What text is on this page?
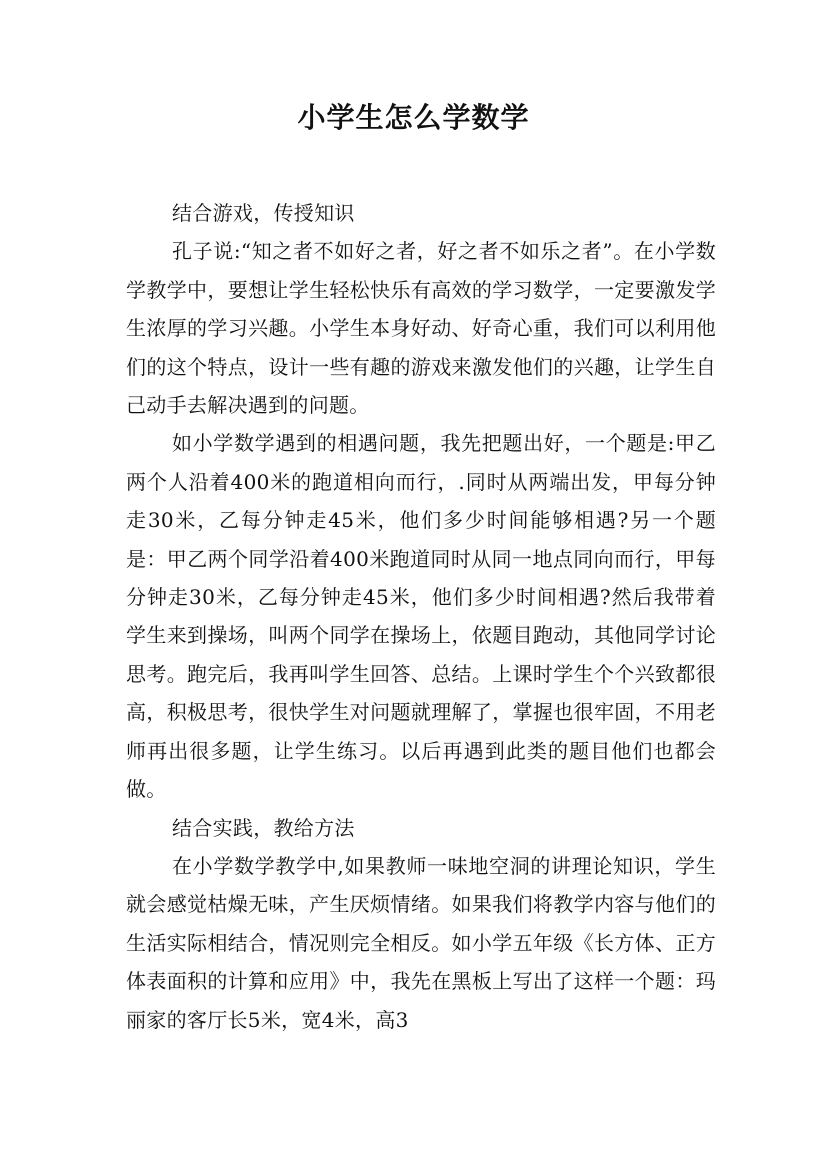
小学生怎么学数学

结合游戏，传授知识

孔子说:“知之者不如好之者，好之者不如乐之者”。在小学数学教学中，要想让学生轻松快乐有高效的学习数学，一定要激发学生浓厚的学习兴趣。小学生本身好动、好奇心重，我们可以利用他们的这个特点，设计一些有趣的游戏来激发他们的兴趣，让学生自己动手去解决遇到的问题。

如小学数学遇到的相遇问题，我先把题出好，一个题是:甲乙两个人沿着400米的跑道相向而行，.同时从两端出发，甲每分钟走30米，乙每分钟走45米，他们多少时间能够相遇?另一个题是：甲乙两个同学沿着400米跑道同时从同一地点同向而行，甲每分钟走30米，乙每分钟走45米，他们多少时间相遇?然后我带着学生来到操场，叫两个同学在操场上，依题目跑动，其他同学讨论思考。跑完后，我再叫学生回答、总结。上课时学生个个兴致都很高，积极思考，很快学生对问题就理解了，掌握也很牢固，不用老师再出很多题，让学生练习。以后再遇到此类的题目他们也都会做。

结合实践，教给方法

在小学数学教学中,如果教师一味地空洞的讲理论知识，学生就会感觉枯燥无味，产生厌烦情绪。如果我们将教学内容与他们的生活实际相结合，情况则完全相反。如小学五年级《长方体、正方体表面积的计算和应用》中，我先在黑板上写出了这样一个题：玛丽家的客厅长5米，宽4米，高3
